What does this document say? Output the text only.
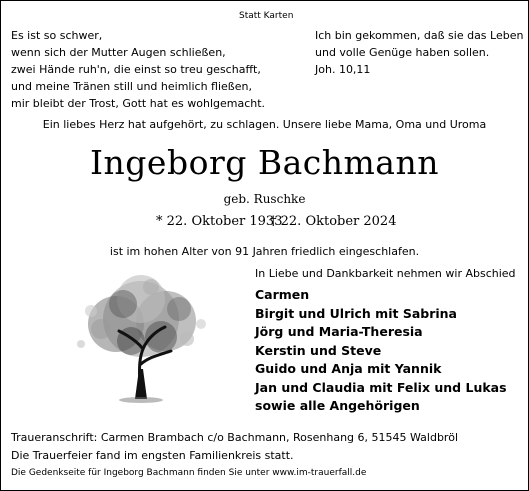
Statt Karten
Es ist so schwer,
wenn sich der Mutter Augen schließen,
zwei Hände ruh'n, die einst so treu geschafft,
und meine Tränen still und heimlich fließen,
mir bleibt der Trost, Gott hat es wohlgemacht.
Ich bin gekommen, daß sie das Leben
und volle Genüge haben sollen.
Joh. 10,11
Ein liebes Herz hat aufgehört, zu schlagen. Unsere liebe Mama, Oma und Uroma
Ingeborg Bachmann
geb. Ruschke
* 22. Oktober 1933
† 22. Oktober 2024
ist im hohen Alter von 91 Jahren friedlich eingeschlafen.
In Liebe und Dankbarkeit nehmen wir Abschied
Carmen
Birgit und Ulrich mit Sabrina
Jörg und Maria-Theresia
Kerstin und Steve
Guido und Anja mit Yannik
Jan und Claudia mit Felix und Lukas
sowie alle Angehörigen
Traueranschrift: Carmen Brambach c/o Bachmann, Rosenhang 6, 51545 Waldbröl
Die Trauerfeier fand im engsten Familienkreis statt.
Die Gedenkseite für Ingeborg Bachmann finden Sie unter www.im-trauerfall.de
